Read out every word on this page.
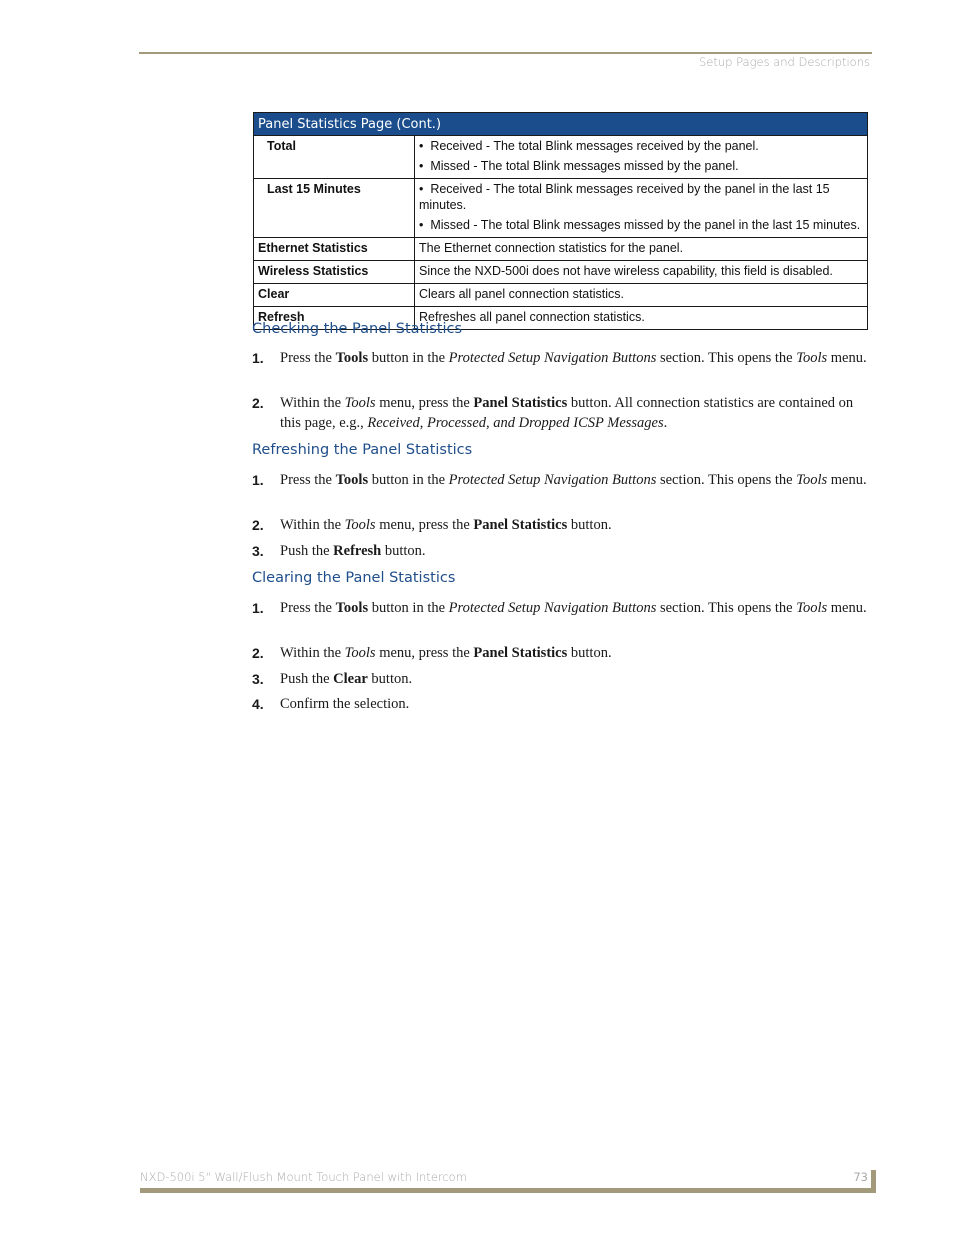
Setup Pages and Descriptions
Panel Statistics Page (Cont.)	
Total	•  Received - The total Blink messages received by the panel.
•  Missed - The total Blink messages missed by the panel.

Last 15 Minutes	•  Received - The total Blink messages received by the panel in the last 15 minutes.
•  Missed - The total Blink messages missed by the panel in the last 15 minutes.

Ethernet Statistics	The Ethernet connection statistics for the panel.
Wireless Statistics	Since the NXD-500i does not have wireless capability, this field is disabled.
Clear	Clears all panel connection statistics.
Refresh	Refreshes all panel connection statistics.
Checking the Panel Statistics
1. Press the Tools button in the Protected Setup Navigation Buttons section. This opens the Tools menu.
2. Within the Tools menu, press the Panel Statistics button. All connection statistics are contained on this page, e.g., Received, Processed, and Dropped ICSP Messages.
Refreshing the Panel Statistics
1. Press the Tools button in the Protected Setup Navigation Buttons section. This opens the Tools menu.
2. Within the Tools menu, press the Panel Statistics button.
3. Push the Refresh button.
Clearing the Panel Statistics
1. Press the Tools button in the Protected Setup Navigation Buttons section. This opens the Tools menu.
2. Within the Tools menu, press the Panel Statistics button.
3. Push the Clear button.
4. Confirm the selection.
NXD-500i 5" Wall/Flush Mount Touch Panel with Intercom	73
